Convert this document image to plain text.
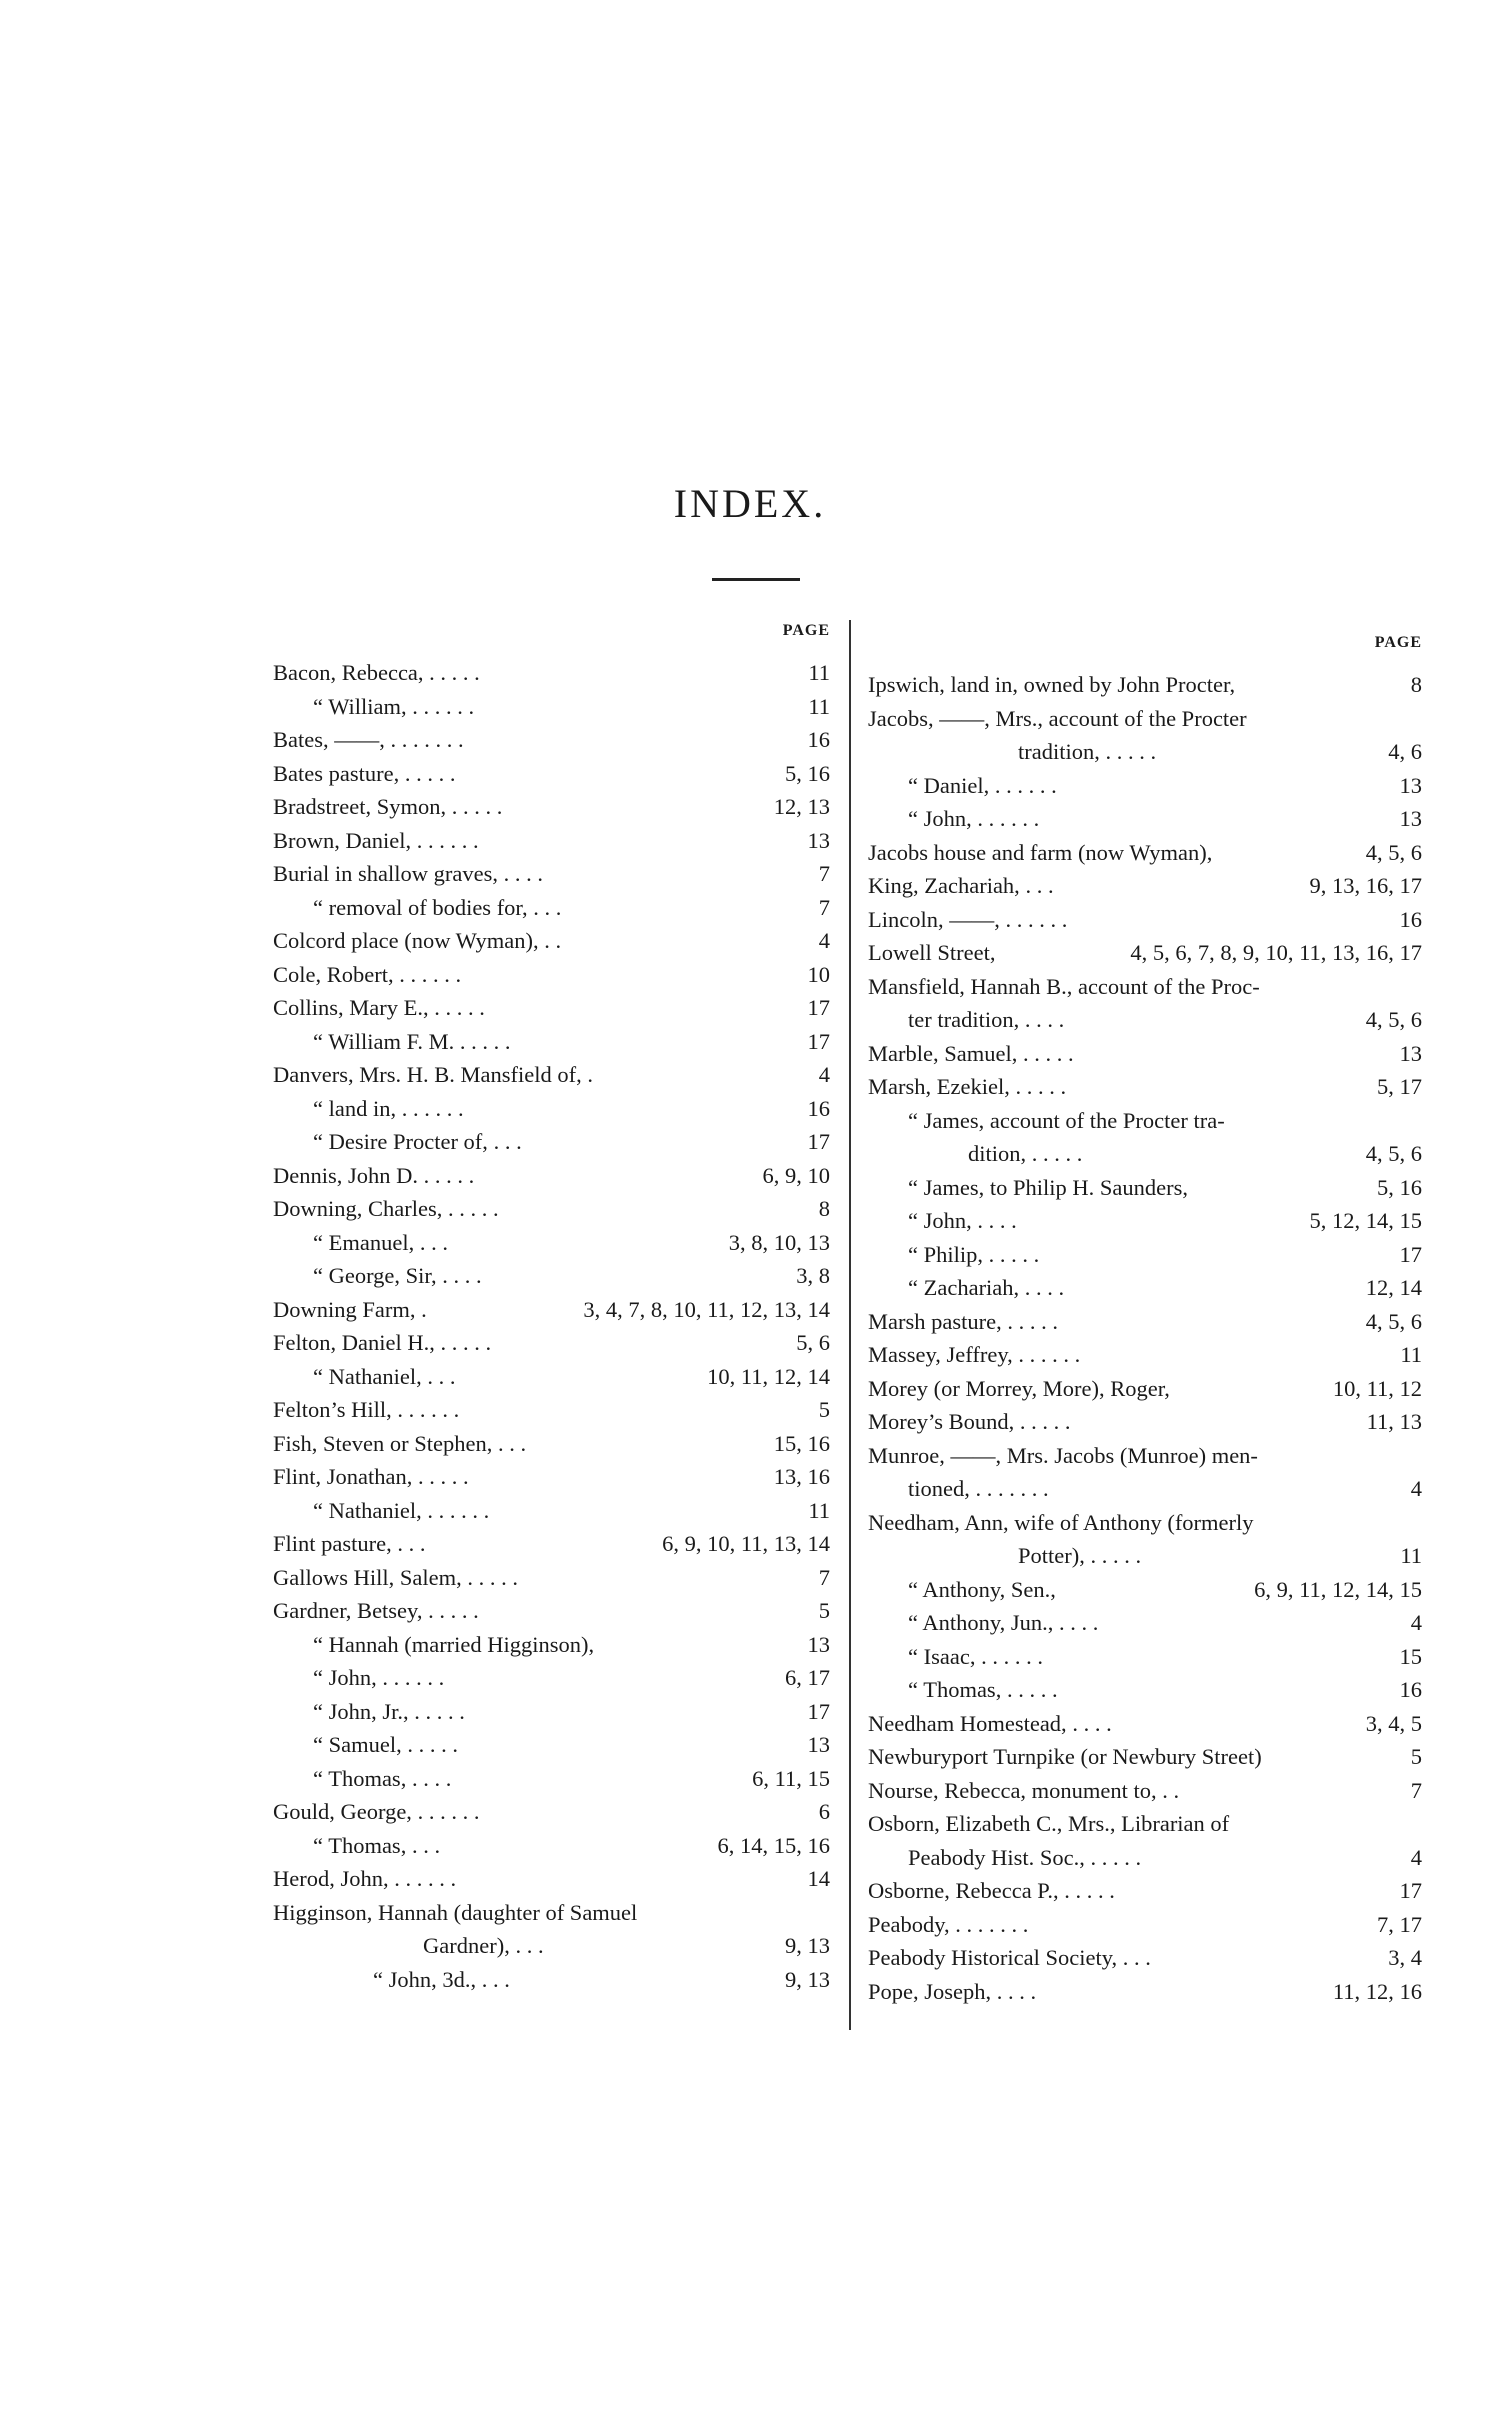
INDEX.
PAGE
Bacon, Rebecca, . . . . .	11
“ William, . . . . . .	11
Bates, ——, . . . . . . .	16
Bates pasture, . . . . .	5, 16
Bradstreet, Symon, . . . . .	12, 13
Brown, Daniel, . . . . . .	13
Burial in shallow graves, . . . .	7
“ removal of bodies for, . . .	7
Colcord place (now Wyman), . .	4
Cole, Robert, . . . . . .	10
Collins, Mary E., . . . . .	17
“ William F. M. . . . . .	17
Danvers, Mrs. H. B. Mansfield of, .	4
“ land in, . . . . . .	16
“ Desire Procter of, . . .	17
Dennis, John D. . . . . .	6, 9, 10
Downing, Charles, . . . . .	8
“ Emanuel, . . .	3, 8, 10, 13
“ George, Sir, . . . .	3, 8
Downing Farm, .	3, 4, 7, 8, 10, 11, 12, 13, 14
Felton, Daniel H., . . . . .	5, 6
“ Nathaniel, . . .	10, 11, 12, 14
Felton’s Hill, . . . . . .	5
Fish, Steven or Stephen, . . .	15, 16
Flint, Jonathan, . . . . .	13, 16
“ Nathaniel, . . . . . .	11
Flint pasture, . . .	6, 9, 10, 11, 13, 14
Gallows Hill, Salem, . . . . .	7
Gardner, Betsey, . . . . .	5
“ Hannah (married Higginson),	13
“ John, . . . . . .	6, 17
“ John, Jr., . . . . .	17
“ Samuel, . . . . .	13
“ Thomas, . . . .	6, 11, 15
Gould, George, . . . . . .	6
“ Thomas, . . .	6, 14, 15, 16
Herod, John, . . . . . .	14
Higginson, Hannah (daughter of Samuel
Gardner), . . .	9, 13
“ John, 3d., . . .	9, 13
PAGE
Ipswich, land in, owned by John Procter,	8
Jacobs, ——, Mrs., account of the Procter
tradition, . . . . .	4, 6
“ Daniel, . . . . . .	13
“ John, . . . . . .	13
Jacobs house and farm (now Wyman),	4, 5, 6
King, Zachariah, . . .	9, 13, 16, 17
Lincoln, ——, . . . . . .	16
Lowell Street,	4, 5, 6, 7, 8, 9, 10, 11, 13, 16, 17
Mansfield, Hannah B., account of the Proc-
ter tradition, . . . .	4, 5, 6
Marble, Samuel, . . . . .	13
Marsh, Ezekiel, . . . . .	5, 17
“ James, account of the Procter tra-
dition, . . . . .	4, 5, 6
“ James, to Philip H. Saunders,	5, 16
“ John, . . . .	5, 12, 14, 15
“ Philip, . . . . .	17
“ Zachariah, . . . .	12, 14
Marsh pasture, . . . . .	4, 5, 6
Massey, Jeffrey, . . . . . .	11
Morey (or Morrey, More), Roger,	10, 11, 12
Morey’s Bound, . . . . .	11, 13
Munroe, ——, Mrs. Jacobs (Munroe) men-
tioned, . . . . . . .	4
Needham, Ann, wife of Anthony (formerly
Potter), . . . . .	11
“ Anthony, Sen.,	6, 9, 11, 12, 14, 15
“ Anthony, Jun., . . . .	4
“ Isaac, . . . . . .	15
“ Thomas, . . . . .	16
Needham Homestead, . . . .	3, 4, 5
Newburyport Turnpike (or Newbury Street)	5
Nourse, Rebecca, monument to, . .	7
Osborn, Elizabeth C., Mrs., Librarian of
Peabody Hist. Soc., . . . . .	4
Osborne, Rebecca P., . . . . .	17
Peabody, . . . . . . .	7, 17
Peabody Historical Society, . . .	3, 4
Pope, Joseph, . . . .	11, 12, 16
